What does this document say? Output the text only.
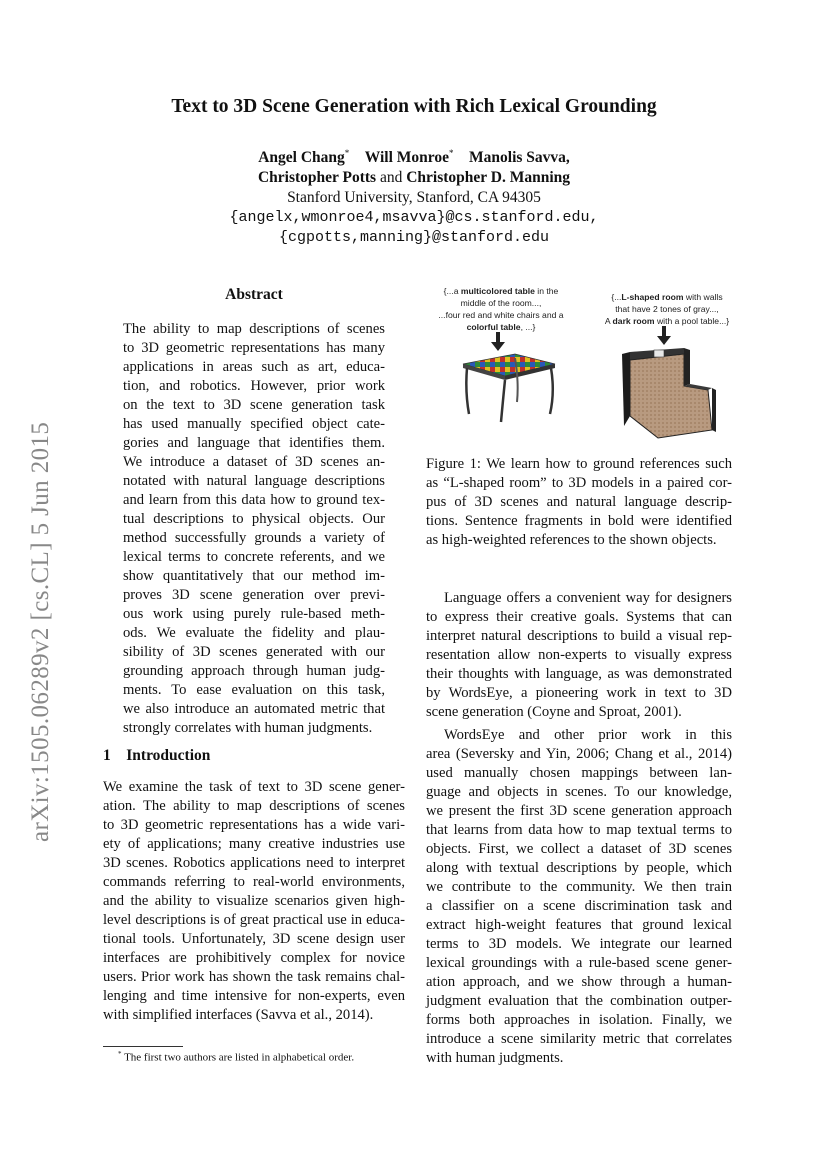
Text to 3D Scene Generation with Rich Lexical Grounding
Angel Chang* Will Monroe* Manolis Savva,
Christopher Potts and Christopher D. Manning
Stanford University, Stanford, CA 94305
{angelx,wmonroe4,msavva}@cs.stanford.edu,
{cgpotts,manning}@stanford.edu
arXiv:1505.06289v2 [cs.CL] 5 Jun 2015
Abstract
The ability to map descriptions of scenes
to 3D geometric representations has many
applications in areas such as art, educa-
tion, and robotics. However, prior work
on the text to 3D scene generation task
has used manually specified object cate-
gories and language that identifies them.
We introduce a dataset of 3D scenes an-
notated with natural language descriptions
and learn from this data how to ground tex-
tual descriptions to physical objects. Our
method successfully grounds a variety of
lexical terms to concrete referents, and we
show quantitatively that our method im-
proves 3D scene generation over previ-
ous work using purely rule-based meth-
ods. We evaluate the fidelity and plau-
sibility of 3D scenes generated with our
grounding approach through human judg-
ments. To ease evaluation on this task,
we also introduce an automated metric that
strongly correlates with human judgments.
1 Introduction
We examine the task of text to 3D scene gener-
ation. The ability to map descriptions of scenes
to 3D geometric representations has a wide vari-
ety of applications; many creative industries use
3D scenes. Robotics applications need to interpret
commands referring to real-world environments,
and the ability to visualize scenarios given high-
level descriptions is of great practical use in educa-
tional tools. Unfortunately, 3D scene design user
interfaces are prohibitively complex for novice
users. Prior work has shown the task remains chal-
lenging and time intensive for non-experts, even
with simplified interfaces (Savva et al., 2014).
* The first two authors are listed in alphabetical order.
{...a multicolored table in the
middle of the room...,
...four red and white chairs and a
colorful table, ...}
{...L-shaped room with walls
that have 2 tones of gray...,
A dark room with a pool table...}
Figure 1: We learn how to ground references such
as “L-shaped room” to 3D models in a paired cor-
pus of 3D scenes and natural language descrip-
tions. Sentence fragments in bold were identified
as high-weighted references to the shown objects.
Language offers a convenient way for designers
to express their creative goals. Systems that can
interpret natural descriptions to build a visual rep-
resentation allow non-experts to visually express
their thoughts with language, as was demonstrated
by WordsEye, a pioneering work in text to 3D
scene generation (Coyne and Sproat, 2001).
WordsEye and other prior work in this
area (Seversky and Yin, 2006; Chang et al., 2014)
used manually chosen mappings between lan-
guage and objects in scenes. To our knowledge,
we present the first 3D scene generation approach
that learns from data how to map textual terms to
objects. First, we collect a dataset of 3D scenes
along with textual descriptions by people, which
we contribute to the community. We then train
a classifier on a scene discrimination task and
extract high-weight features that ground lexical
terms to 3D models. We integrate our learned
lexical groundings with a rule-based scene gener-
ation approach, and we show through a human-
judgment evaluation that the combination outper-
forms both approaches in isolation. Finally, we
introduce a scene similarity metric that correlates
with human judgments.
